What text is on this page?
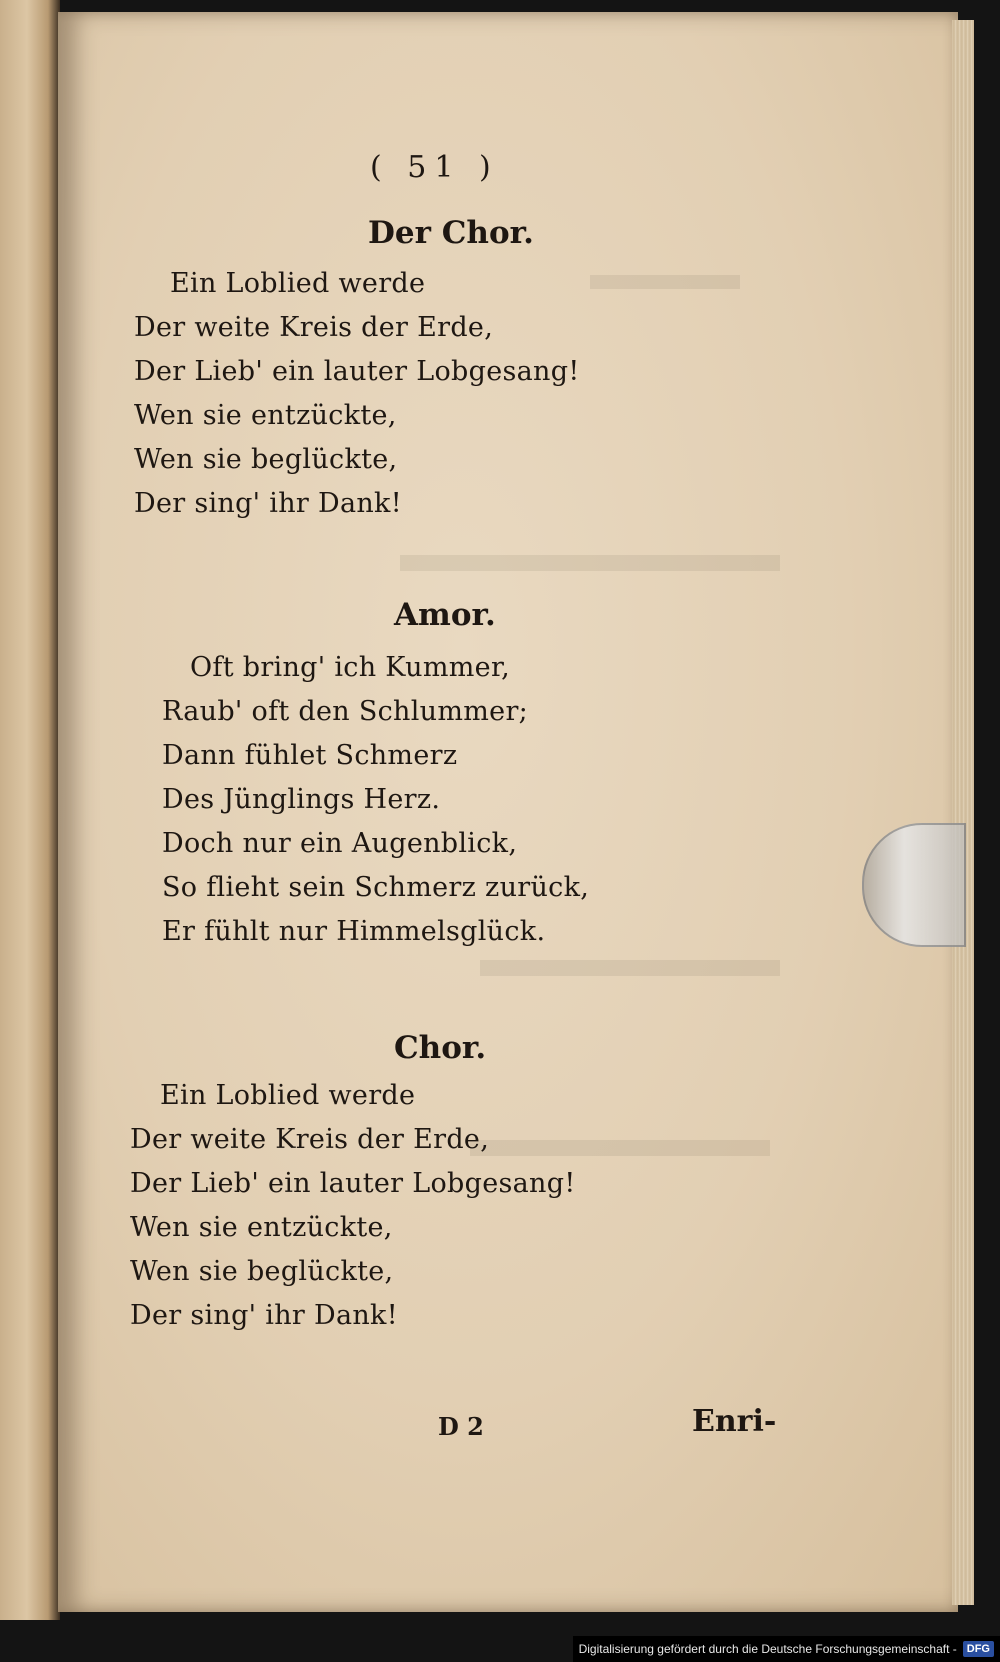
( 51 )
Der Chor.
Ein Loblied werde
Der weite Kreis der Erde,
Der Lieb' ein lauter Lobgesang!
Wen sie entzückte,
Wen sie beglückte,
Der sing' ihr Dank!
Amor.
Oft bring' ich Kummer,
Raub' oft den Schlummer;
Dann fühlet Schmerz
Des Jünglings Herz.
Doch nur ein Augenblick,
So flieht sein Schmerz zurück,
Er fühlt nur Himmelsglück.
Chor.
Ein Loblied werde
Der weite Kreis der Erde,
Der Lieb' ein lauter Lobgesang!
Wen sie entzückte,
Wen sie beglückte,
Der sing' ihr Dank!
D 2	Enri-
Digitalisierung gefördert durch die Deutsche Forschungsgemeinschaft - DFG
